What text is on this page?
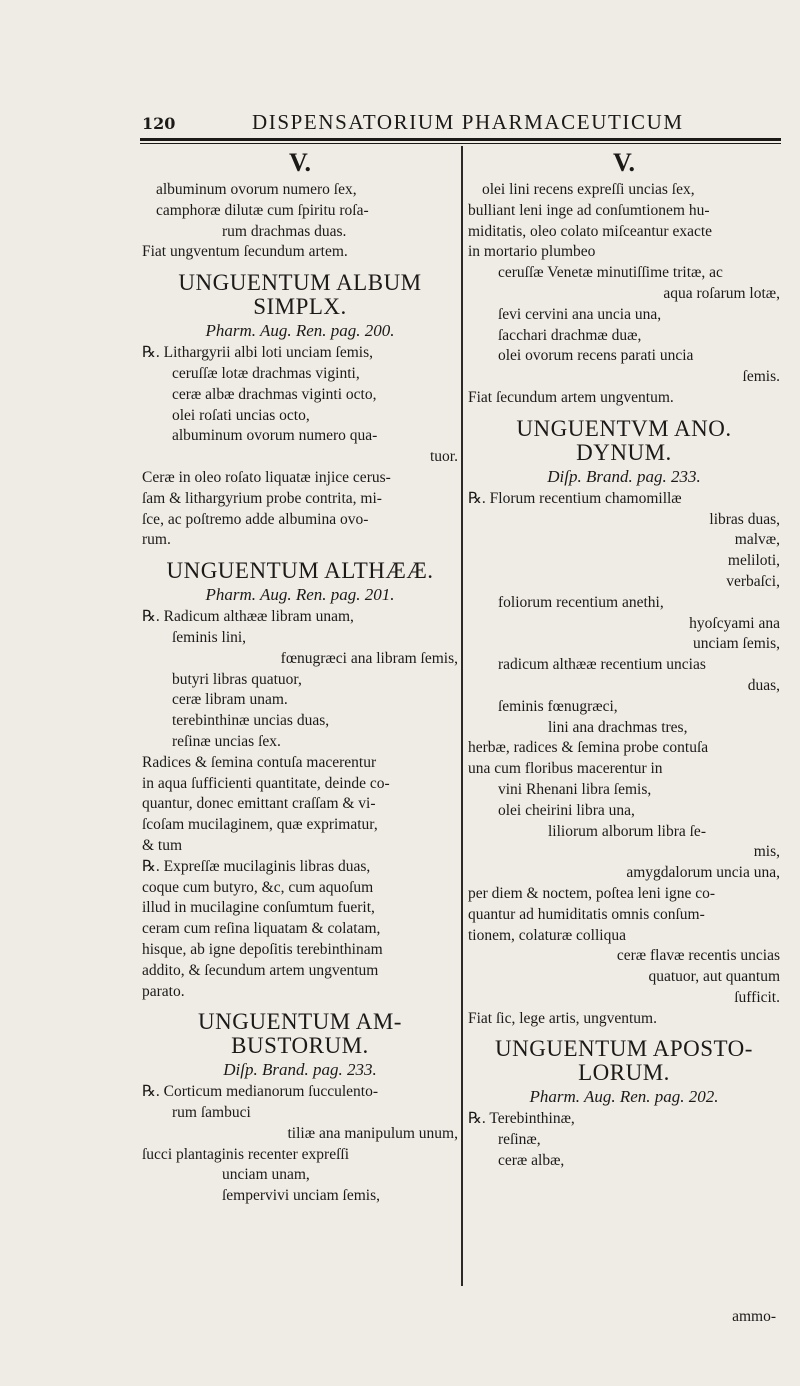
120	DISPENSATORIUM PHARMACEUTICUM
V.
albuminum ovorum numero ſex,
camphoræ dilutæ cum ſpiritu roſa-
rum drachmas duas.
Fiat ungventum ſecundum artem.
UNGUENTUM ALBUM
SIMPLX.
Pharm. Aug. Ren. pag. 200.
℞. Lithargyrii albi loti unciam ſemis,
ceruſſæ lotæ drachmas viginti,
ceræ albæ drachmas viginti octo,
olei roſati uncias octo,
albuminum ovorum numero qua-
tuor.
Ceræ in oleo roſato liquatæ injice cerus-
ſam & lithargyrium probe contrita, mi-
ſce, ac poſtremo adde albumina ovo-
rum.
UNGUENTUM ALTHÆÆ.
Pharm. Aug. Ren. pag. 201.
℞. Radicum althææ libram unam,
ſeminis lini,
fœnugræci ana libram ſemis,
butyri libras quatuor,
ceræ libram unam.
terebinthinæ uncias duas,
reſinæ uncias ſex.
Radices & ſemina contuſa macerentur
in aqua ſufficienti quantitate, deinde co-
quantur, donec emittant craſſam & vi-
ſcoſam mucilaginem, quæ exprimatur,
& tum
℞. Expreſſæ mucilaginis libras duas,
coque cum butyro, &c, cum aquoſum
illud in mucilagine conſumtum fuerit,
ceram cum reſina liquatam & colatam,
hisque, ab igne depoſitis terebinthinam
addito, & ſecundum artem ungventum
parato.
UNGUENTUM AM-
BUSTORUM.
Diſp. Brand. pag. 233.
℞. Corticum medianorum ſucculento-
rum ſambuci
tiliæ ana manipulum unum,
ſucci plantaginis recenter expreſſi
unciam unam,
ſempervivi unciam ſemis,
V.
olei lini recens expreſſi uncias ſex,
bulliant leni inge ad conſumtionem hu-
miditatis, oleo colato miſceantur exacte
in mortario plumbeo
ceruſſæ Venetæ minutiſſime tritæ, ac
aqua roſarum lotæ,
ſevi cervini ana uncia una,
ſacchari drachmæ duæ,
olei ovorum recens parati uncia
ſemis.
Fiat ſecundum artem ungventum.
UNGUENTVM ANO.
DYNUM.
Diſp. Brand. pag. 233.
℞. Florum recentium chamomillæ
libras duas,
malvæ,
meliloti,
verbaſci,
foliorum recentium anethi,
hyoſcyami ana
unciam ſemis,
radicum althææ recentium uncias
duas,
ſeminis fœnugræci,
lini ana drachmas tres,
herbæ, radices & ſemina probe contuſa
una cum floribus macerentur in
vini Rhenani libra ſemis,
olei cheirini libra una,
liliorum alborum libra ſe-
mis,
amygdalorum uncia una,
per diem & noctem, poſtea leni igne co-
quantur ad humiditatis omnis conſum-
tionem, colaturæ colliqua
ceræ flavæ recentis uncias
quatuor, aut quantum
ſufficit.
Fiat ſic, lege artis, ungventum.
UNGUENTUM APOSTO-
LORUM.
Pharm. Aug. Ren. pag. 202.
℞. Terebinthinæ,
reſinæ,
ceræ albæ,
ammo-
